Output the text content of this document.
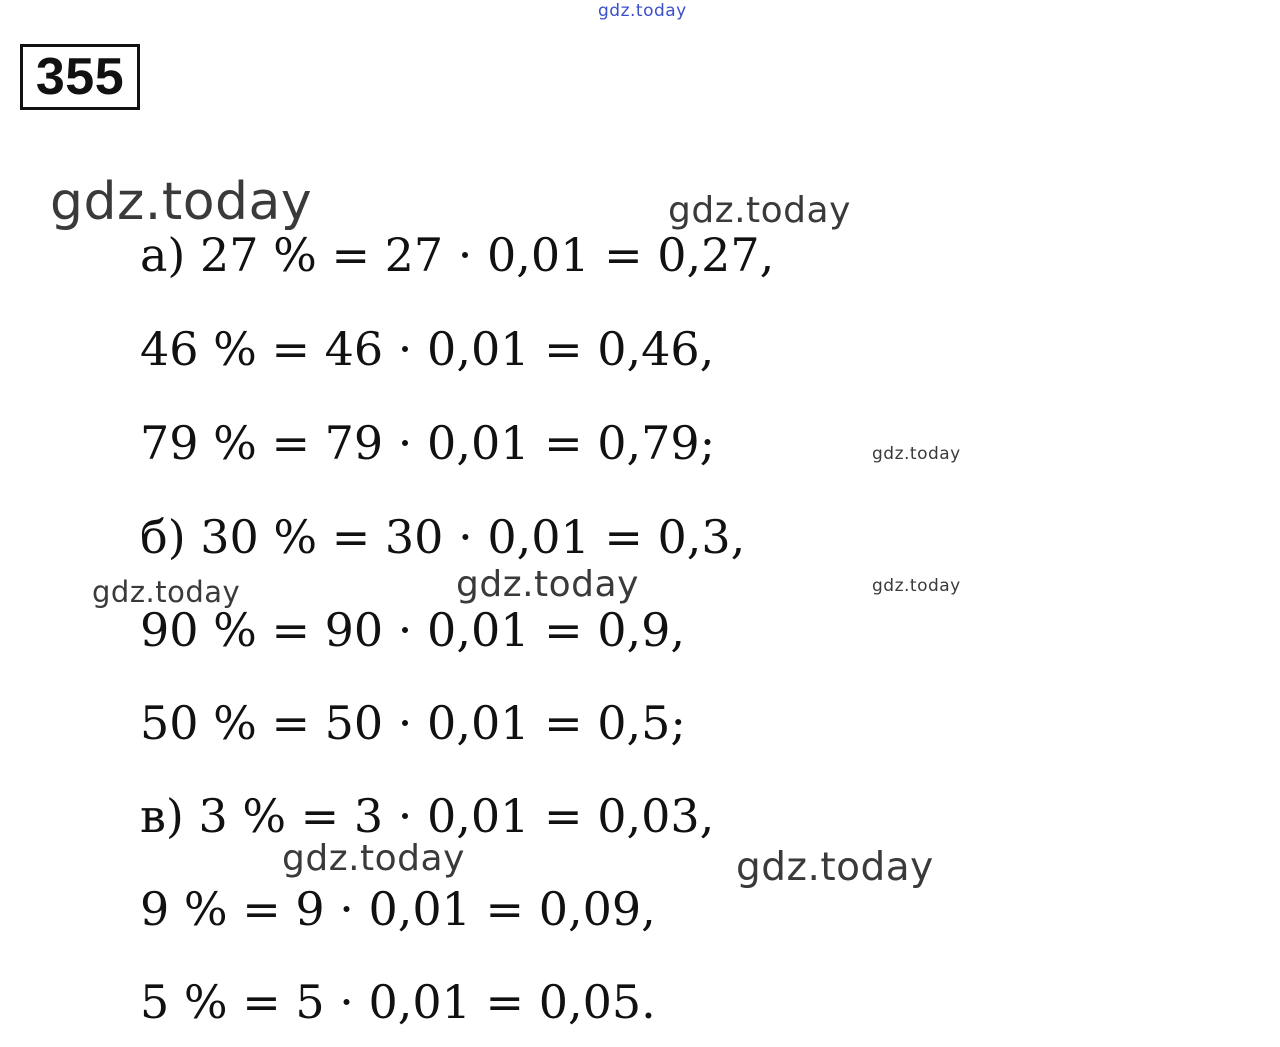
gdz.today
355
gdz.today	gdz.today
gdz.today
gdz.today	gdz.today	gdz.today
gdz.today	gdz.today
а) 27 % = 27 · 0,01 = 0,27,
46 % = 46 · 0,01 = 0,46,
79 % = 79 · 0,01 = 0,79;
б) 30 % = 30 · 0,01 = 0,3,
90 % = 90 · 0,01 = 0,9,
50 % = 50 · 0,01 = 0,5;
в) 3 % = 3 · 0,01 = 0,03,
9 % = 9 · 0,01 = 0,09,
5 % = 5 · 0,01 = 0,05.
